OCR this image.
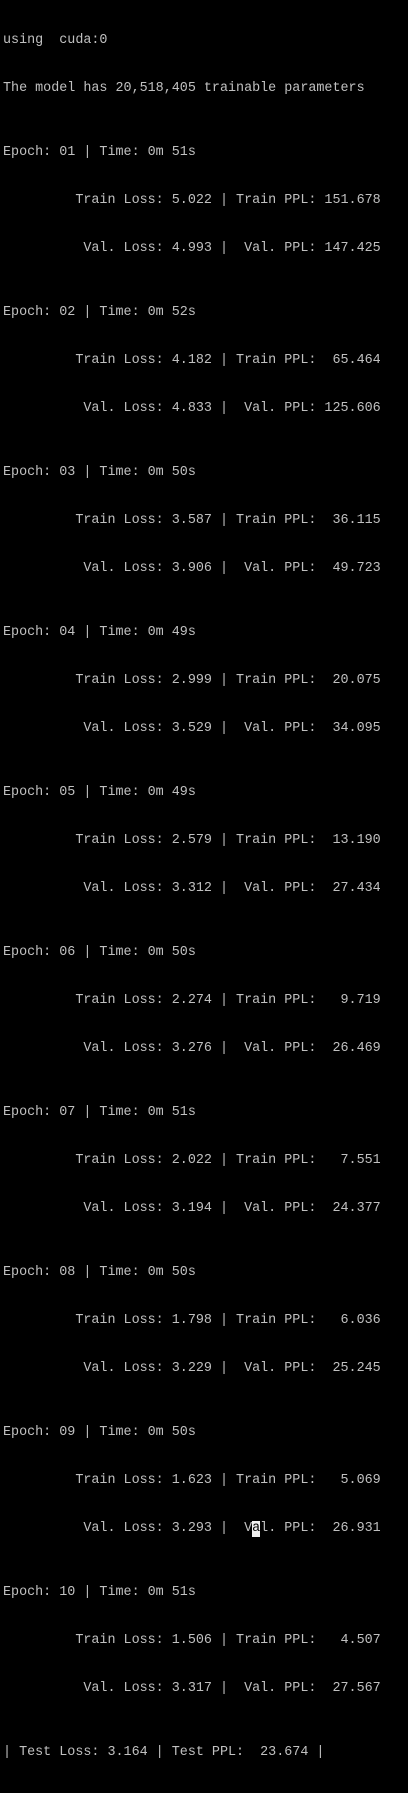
using  cuda:0

The model has 20,518,405 trainable parameters

Epoch: 01 | Time: 0m 51s

Train Loss: 5.022 | Train PPL: 151.678

Val. Loss: 4.993 |  Val. PPL: 147.425

Epoch: 02 | Time: 0m 52s

Train Loss: 4.182 | Train PPL:  65.464

Val. Loss: 4.833 |  Val. PPL: 125.606

Epoch: 03 | Time: 0m 50s

Train Loss: 3.587 | Train PPL:  36.115

Val. Loss: 3.906 |  Val. PPL:  49.723

Epoch: 04 | Time: 0m 49s

Train Loss: 2.999 | Train PPL:  20.075

Val. Loss: 3.529 |  Val. PPL:  34.095

Epoch: 05 | Time: 0m 49s

Train Loss: 2.579 | Train PPL:  13.190

Val. Loss: 3.312 |  Val. PPL:  27.434

Epoch: 06 | Time: 0m 50s

Train Loss: 2.274 | Train PPL:   9.719

Val. Loss: 3.276 |  Val. PPL:  26.469

Epoch: 07 | Time: 0m 51s

Train Loss: 2.022 | Train PPL:   7.551

Val. Loss: 3.194 |  Val. PPL:  24.377

Epoch: 08 | Time: 0m 50s

Train Loss: 1.798 | Train PPL:   6.036

Val. Loss: 3.229 |  Val. PPL:  25.245

Epoch: 09 | Time: 0m 50s

Train Loss: 1.623 | Train PPL:   5.069

Val. Loss: 3.293 |  Val. PPL:  26.931

Epoch: 10 | Time: 0m 51s

Train Loss: 1.506 | Train PPL:   4.507

Val. Loss: 3.317 |  Val. PPL:  27.567

| Test Loss: 3.164 | Test PPL:  23.674 |
